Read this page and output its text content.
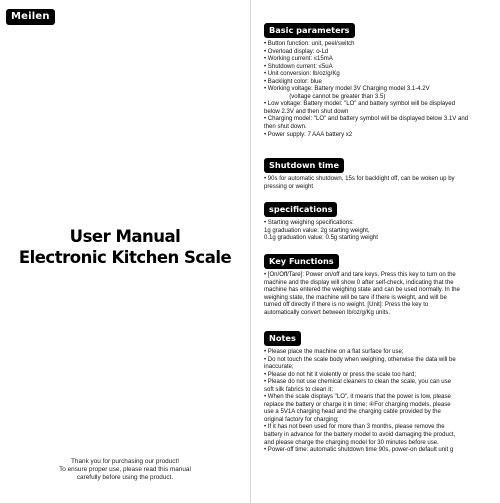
Meilen
User Manual
Electronic Kitchen Scale
Thank you for purchasing our product!
To ensure proper use, please read this manual
carefully before using the product.
Basic parameters
• Button function: unit, peel/switch
• Overload display: o-Ld
• Working current: ≤15mA
• Shutdown current: ≤5uA
• Unit conversion: lb/oz/g/Kg
• Backlight color: blue
• Working voltage: Battery model 3V Charging model 3.1-4.2V
(voltage cannot be greater than 3.5)
• Low voltage: Battery model: "LO" and battery symbol will be displayed
below 2.3V and then shut down
• Charging model: "LO" and battery symbol will be displayed below 3.1V and
then shut down.
• Power supply: 7 AAA battery x2
Shutdown time
• 90s for automatic shutdown, 15s for backlight off, can be woken up by
pressing or weight
specifications
• Starting weighing specifications:
1g graduation value: 2g starting weight,
0.1g graduation value: 0.5g starting weight
Key Functions
• [On/Off/Tare]: Power on/off and tare keys. Press this key to turn on the
machine and the display will show 0 after self-check, indicating that the
machine has entered the weighing state and can be used normally. In the
weighing state, the machine will be tare if there is weight, and will be
turned off directly if there is no weight. [Unit]: Press the key to
automatically convert between lb/oz/g/Kg units.
Notes
• Please place the machine on a flat surface for use;
• Do not touch the scale body when weighing, otherwise the data will be
inaccurate;
• Please do not hit it violently or press the scale too hard;
• Please do not use chemical cleaners to clean the scale, you can use
soft silk fabrics to clean it;
• When the scale displays "LO", it means that the power is low, please
replace the battery or charge it in time; ④For charging models, please
use a 5V1A charging head and the charging cable provided by the
original factory for charging;
• If it has not been used for more than 3 months, please remove the
battery in advance for the battery model to avoid damaging the product,
and please charge the charging model for 30 minutes before use.
• Power-off time: automatic shutdown time 90s, power-on default unit g
